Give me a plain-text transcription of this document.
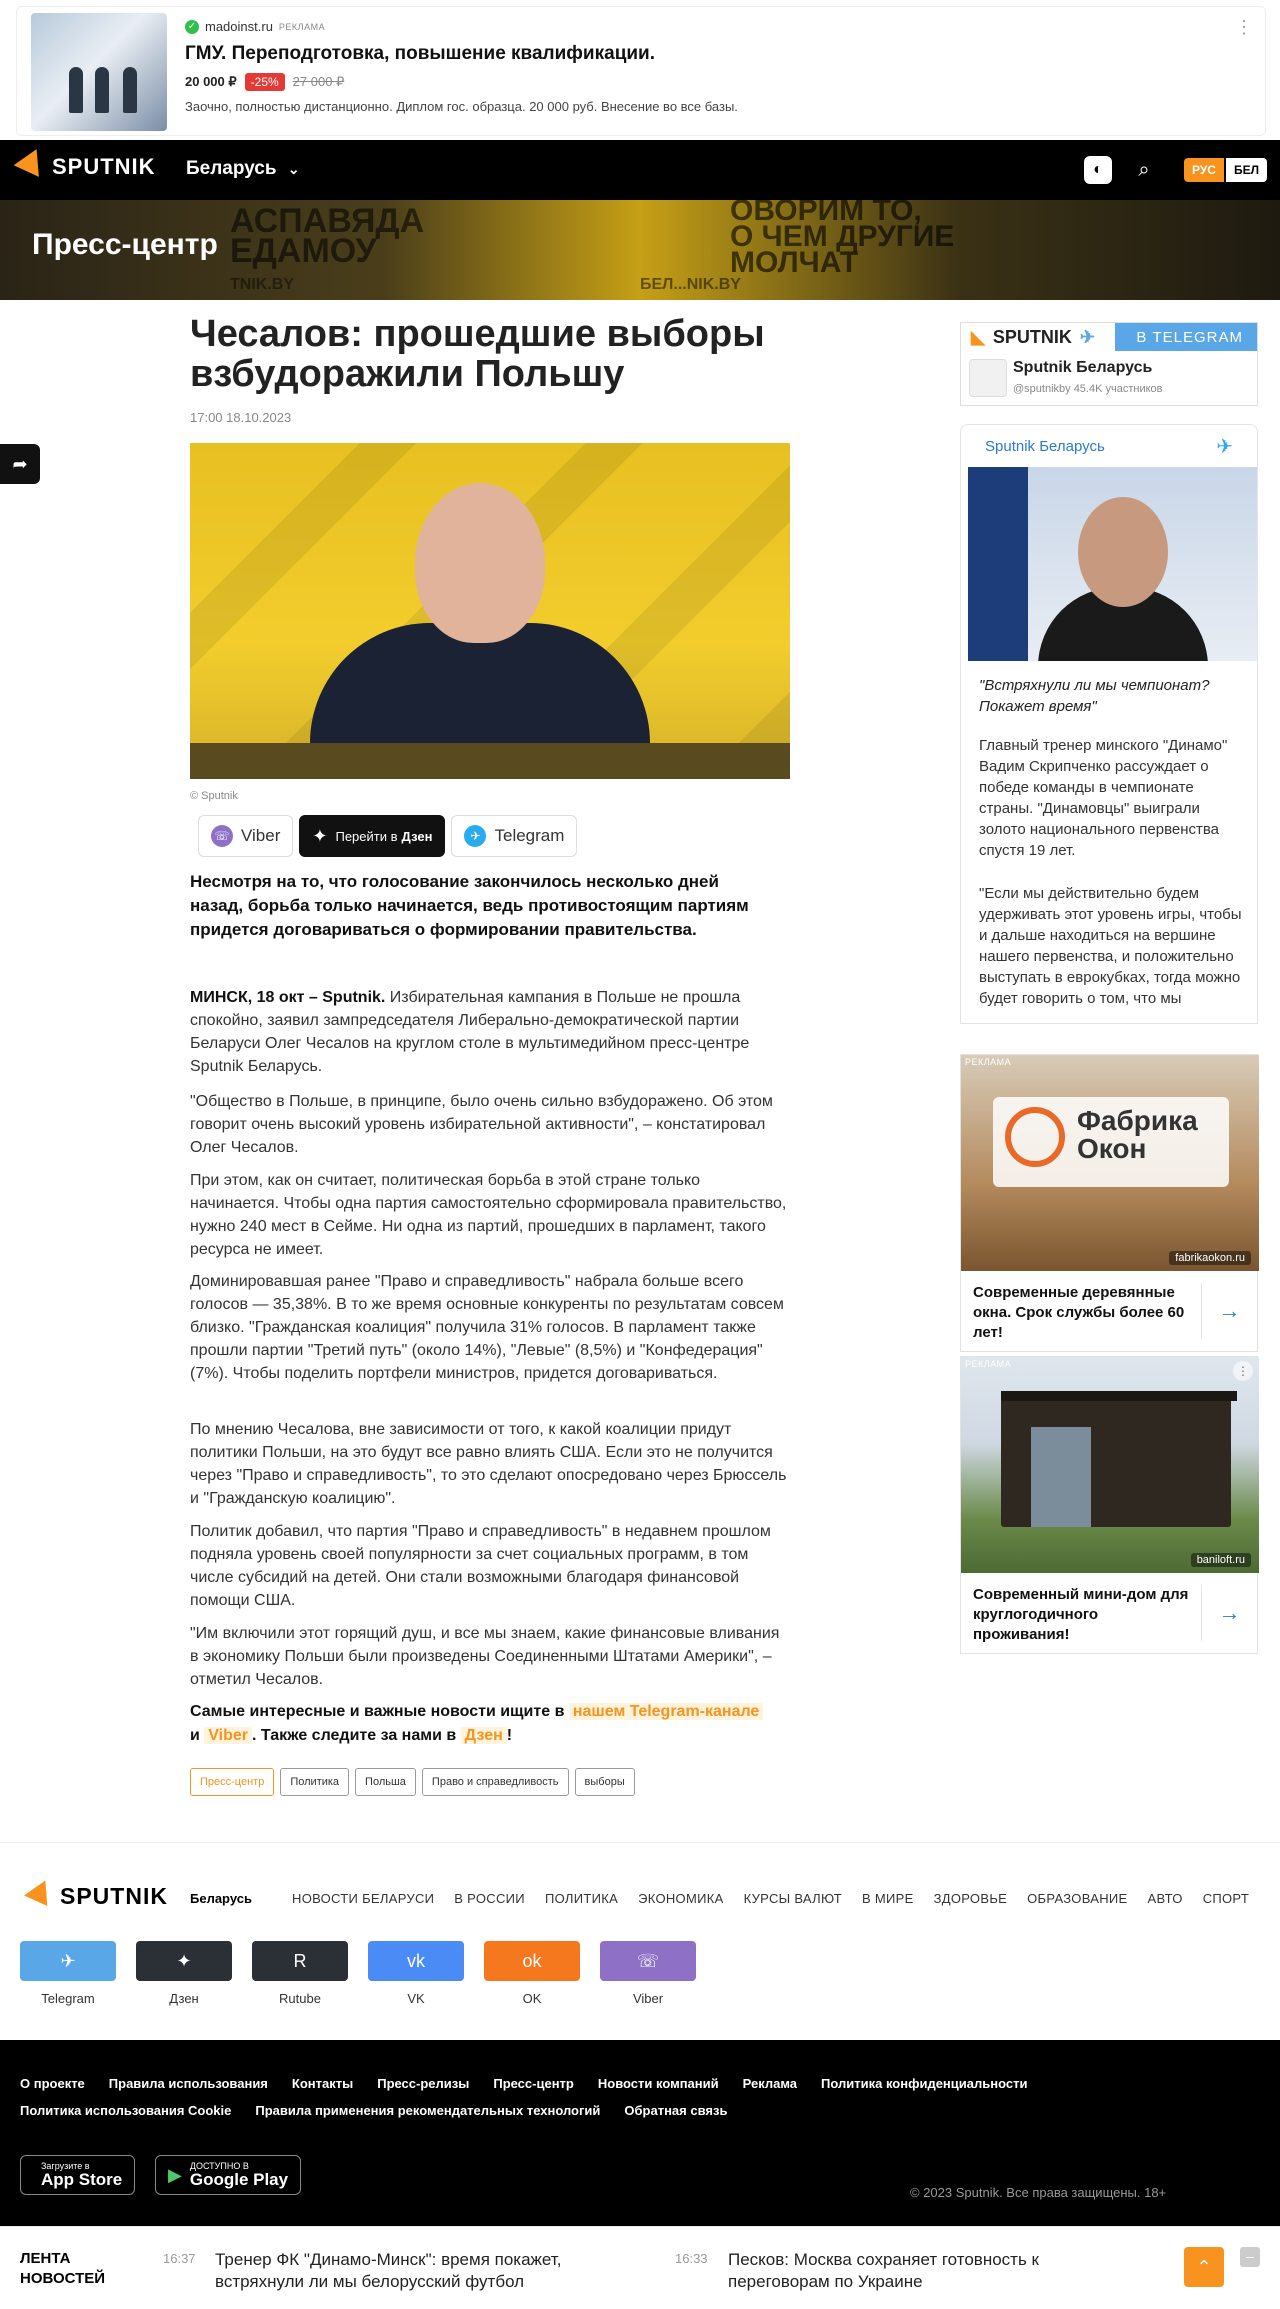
✓ madoinst.ru РЕКЛАМА
ГМУ. Переподготовка, повышение квалификации.
20 000 ₽	-25%	27 000 ₽
Заочно, полностью дистанционно. Диплом гос. образца. 20 000 руб. Внесение во все базы.
⋮
SPUTNIK Беларусь ⌄	◐	⌕	РУС	БЕЛ
АСПАВЯДА
ЕДАМОУ
ОВОРИМ ТО,
О ЧЕМ ДРУГИЕ
МОЛЧАТ
TNIK.BY	БЕЛ...NIK.BY
Пресс-центр
➦
Чесалов: прошедшие выборы взбудоражили Польшу
17:00 18.10.2023
© Sputnik
☏ Viber ✦ Перейти в Дзен	✈ Telegram
Несмотря на то, что голосование закончилось несколько дней назад, борьба только начинается, ведь противостоящим партиям придется договариваться о формировании правительства.

МИНСК, 18 окт – Sputnik. Избирательная кампания в Польше не прошла спокойно, заявил зампредседателя Либерально-демократической партии Беларуси Олег Чесалов на круглом столе в мультимедийном пресс-центре Sputnik Беларусь.

"Общество в Польше, в принципе, было очень сильно взбудоражено. Об этом говорит очень высокий уровень избирательной активности", – констатировал Олег Чесалов.

При этом, как он считает, политическая борьба в этой стране только начинается. Чтобы одна партия самостоятельно сформировала правительство, нужно 240 мест в Сейме. Ни одна из партий, прошедших в парламент, такого ресурса не имеет.

Доминировавшая ранее "Право и справедливость" набрала больше всего голосов — 35,38%. В то же время основные конкуренты по результатам совсем близко. "Гражданская коалиция" получила 31% голосов. В парламент также прошли партии "Третий путь" (около 14%), "Левые" (8,5%) и "Конфедерация" (7%). Чтобы поделить портфели министров, придется договариваться.

По мнению Чесалова, вне зависимости от того, к какой коалиции придут политики Польши, на это будут все равно влиять США. Если это не получится через "Право и справедливость", то это сделают опосредовано через Брюссель и "Гражданскую коалицию".

Политик добавил, что партия "Право и справедливость" в недавнем прошлом подняла уровень своей популярности за счет социальных программ, в том числе субсидий на детей. Они стали возможными благодаря финансовой помощи США.

"Им включили этот горящий душ, и все мы знаем, какие финансовые вливания в экономику Польши были произведены Соединенными Штатами Америки", – отметил Чесалов.

Самые интересные и важные новости ищите в нашем Telegram-канале
и Viber . Также следите за нами в Дзен !
Пресс-центр	Политика	Польша	Право и справедливость	выборы
◣ SPUTNIK ✈	В TELEGRAM
Sputnik Беларусь
@sputnikby 45.4K участников
Sputnik Беларусь	✈
"Встряхнули ли мы чемпионат? Покажет время"
Главный тренер минского "Динамо" Вадим Скрипченко рассуждает о победе команды в чемпионате страны. "Динамовцы" выиграли золото национального первенства спустя 19 лет.
"Если мы действительно будем удерживать этот уровень игры, чтобы и дальше находиться на вершине нашего первенства, и положительно выступать в еврокубках, тогда можно будет говорить о том, что мы
РЕКЛАМА
Фабрика
Окон
fabrikaokon.ru
Современные деревянные окна. Срок службы более 60 лет!
→
РЕКЛАМА	⋮
baniloft.ru
Современный мини-дом для круглогодичного проживания!
→
SPUTNIK Беларусь	НОВОСТИ БЕЛАРУСИ В РОССИИ ПОЛИТИКА ЭКОНОМИКА КУРСЫ ВАЛЮТ В МИРЕ ЗДОРОВЬЕ ОБРАЗОВАНИЕ АВТО СПОРТ
✈
Telegram
✦
Дзен
R
Rutube
vk
VK
ok
OK
☏
Viber
О проекте Правила использования Контакты Пресс-релизы Пресс-центр Новости компаний Реклама Политика конфиденциальности
Политика использования Cookie Правила применения рекомендательных технологий Обратная связь
Загрузите в
App Store	▶ ДОСТУПНО В
Google Play
© 2023 Sputnik. Все права защищены. 18+
ЛЕНТА НОВОСТЕЙ
16:37 Тренер ФК "Динамо-Минск": время покажет, встряхнули ли мы белорусский футбол
16:33 Песков: Москва сохраняет готовность к переговорам по Украине
⌃
–
